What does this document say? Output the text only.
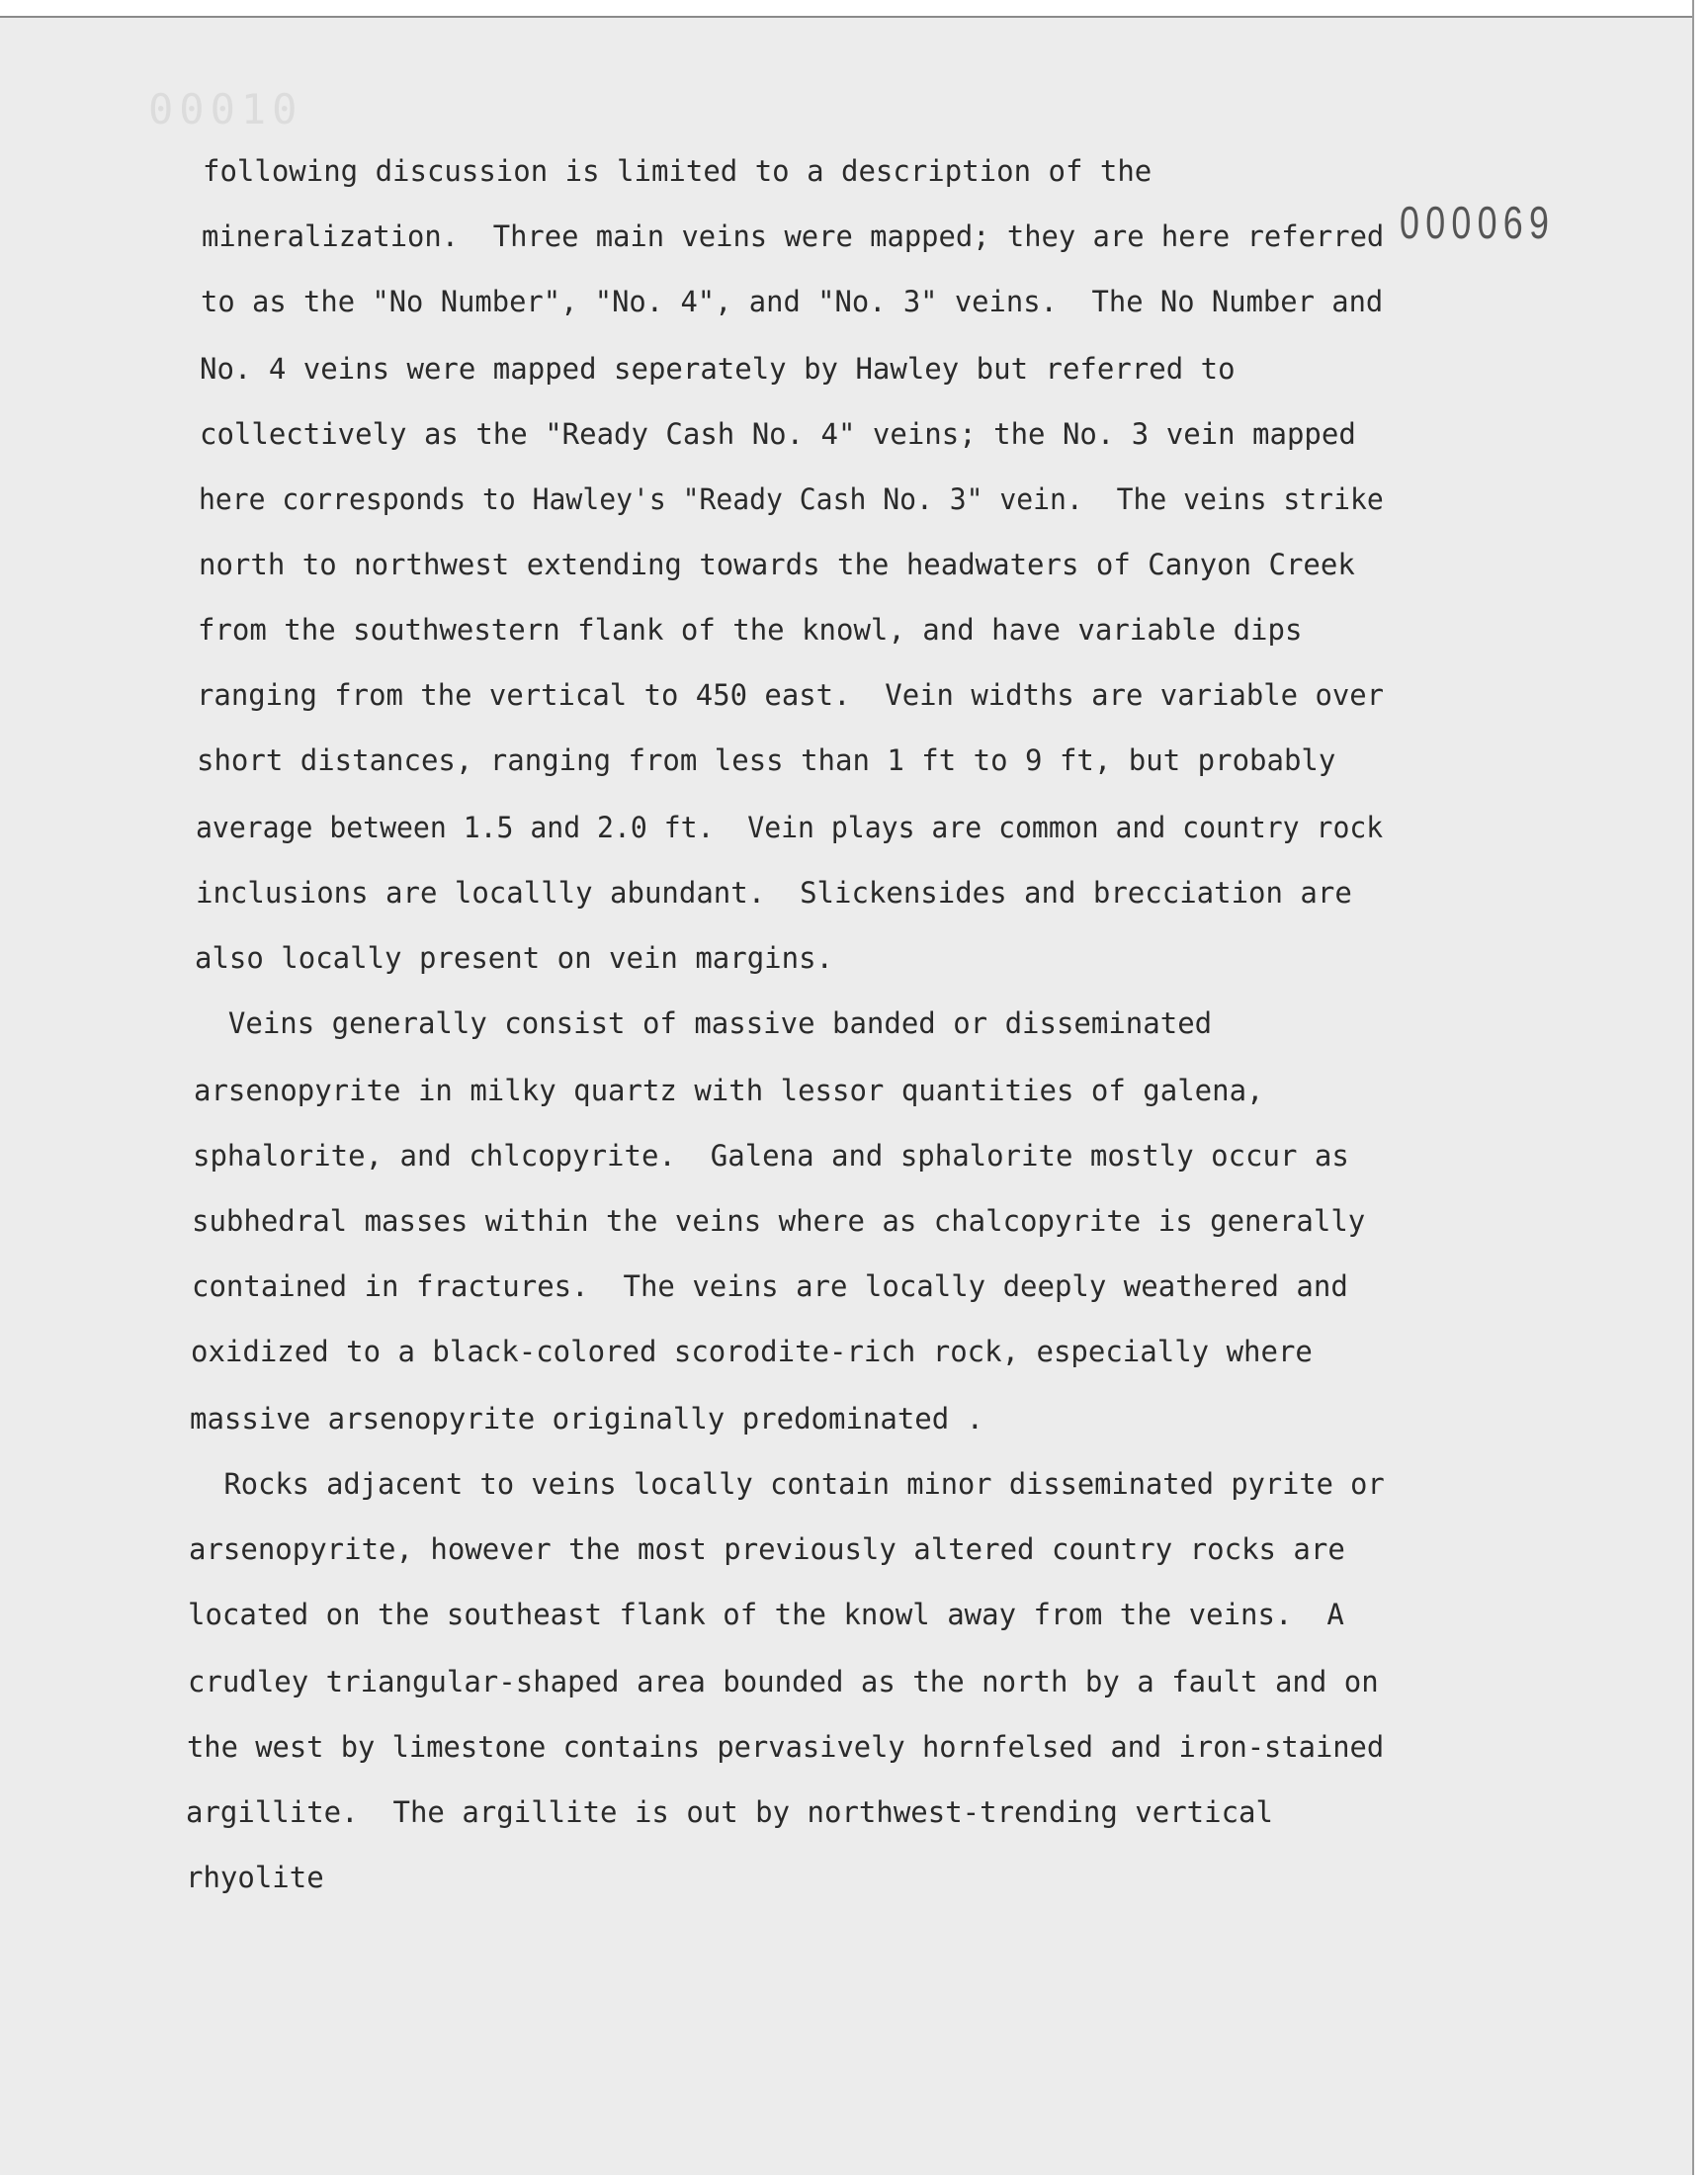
00010
000069
following discussion is limited to a description of the
mineralization.  Three main veins were mapped; they are here referred
to as the "No Number", "No. 4", and "No. 3" veins.  The No Number and
No. 4 veins were mapped seperately by Hawley but referred to
collectively as the "Ready Cash No. 4" veins; the No. 3 vein mapped
here corresponds to Hawley's "Ready Cash No. 3" vein.  The veins strike
north to northwest extending towards the headwaters of Canyon Creek
from the southwestern flank of the knowl, and have variable dips
ranging from the vertical to 450 east.  Vein widths are variable over
short distances, ranging from less than 1 ft to 9 ft, but probably
average between 1.5 and 2.0 ft.  Vein plays are common and country rock
inclusions are locallly abundant.  Slickensides and brecciation are
also locally present on vein margins.
Veins generally consist of massive banded or disseminated
arsenopyrite in milky quartz with lessor quantities of galena,
sphalorite, and chlcopyrite.  Galena and sphalorite mostly occur as
subhedral masses within the veins where as chalcopyrite is generally
contained in fractures.  The veins are locally deeply weathered and
oxidized to a black-colored scorodite-rich rock, especially where
massive arsenopyrite originally predominated .
Rocks adjacent to veins locally contain minor disseminated pyrite or
arsenopyrite, however the most previously altered country rocks are
located on the southeast flank of the knowl away from the veins.  A
crudley triangular-shaped area bounded as the north by a fault and on
the west by limestone contains pervasively hornfelsed and iron-stained
argillite.  The argillite is out by northwest-trending vertical
rhyolite
